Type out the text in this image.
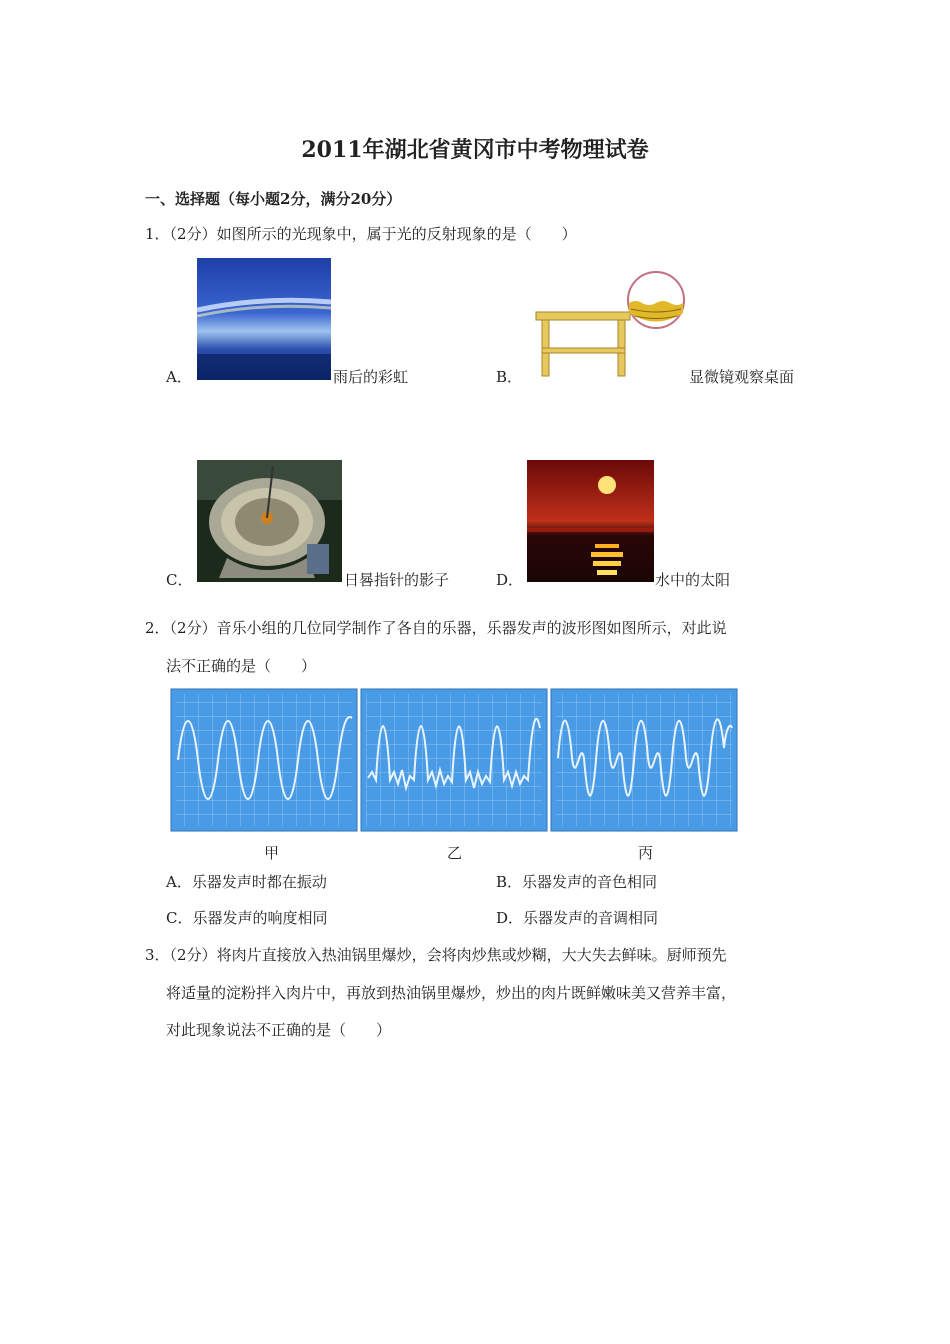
2011年湖北省黄冈市中考物理试卷
一、选择题（每小题2分，满分20分）
1．（2分）如图所示的光现象中，属于光的反射现象的是（　　）
A．	雨后的彩虹	B．	显微镜观察桌面
C．	日晷指针的影子	D．	水中的太阳
2．（2分）音乐小组的几位同学制作了各自的乐器，乐器发声的波形图如图所示，对此说
法不正确的是（　　）
甲	乙	丙
A．乐器发声时都在振动	B．乐器发声的音色相同
C．乐器发声的响度相同	D．乐器发声的音调相同
3．（2分）将肉片直接放入热油锅里爆炒，会将肉炒焦或炒糊，大大失去鲜味。厨师预先
将适量的淀粉拌入肉片中，再放到热油锅里爆炒，炒出的肉片既鲜嫩味美又营养丰富，
对此现象说法不正确的是（　　）
